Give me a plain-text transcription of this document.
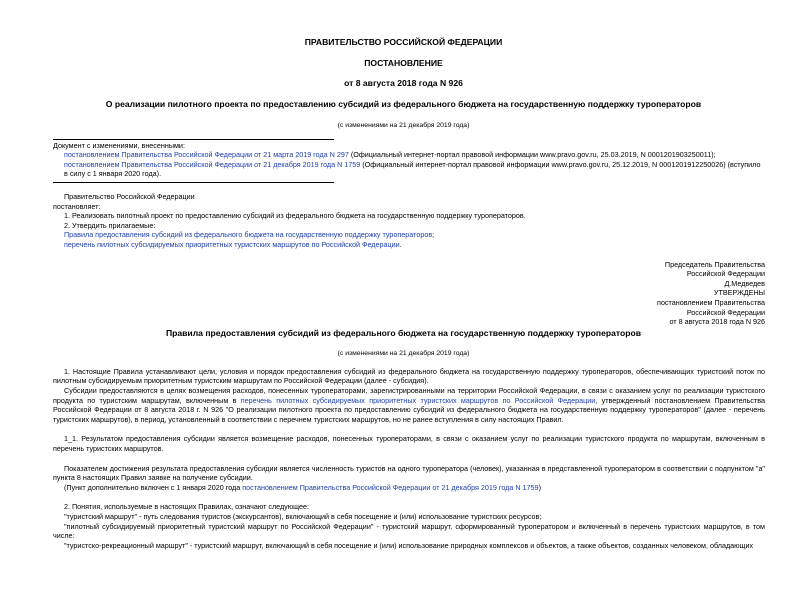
ПРАВИТЕЛЬСТВО РОССИЙСКОЙ ФЕДЕРАЦИИ
ПОСТАНОВЛЕНИЕ
от 8 августа 2018 года N 926
О реализации пилотного проекта по предоставлению субсидий из федерального бюджета на государственную поддержку туроператоров
(с изменениями на 21 декабря 2019 года)

Документ с изменениями, внесенными:

постановлением Правительства Российской Федерации от 21 марта 2019 года N 297 (Официальный интернет-портал правовой информации www.pravo.gov.ru, 25.03.2019, N 0001201903250011);

постановлением Правительства Российской Федерации от 21 декабря 2019 года N 1759 (Официальный интернет-портал правовой информации www.pravo.gov.ru, 25.12.2019, N 0001201912250026) (вступило в силу с 1 января 2020 года).

Правительство Российской Федерации

постановляет:

1. Реализовать пилотный проект по предоставлению субсидий из федерального бюджета на государственную поддержку туроператоров.

2. Утвердить прилагаемые:

Правила предоставления субсидий из федерального бюджета на государственную поддержку туроператоров;

перечень пилотных субсидируемых приоритетных туристских маршрутов по Российской Федерации.

Председатель Правительства

Российской Федерации

Д.Медведев

УТВЕРЖДЕНЫ

постановлением Правительства

Российской Федерации

от 8 августа 2018 года N 926

Правила предоставления субсидий из федерального бюджета на государственную поддержку туроператоров
(с изменениями на 21 декабря 2019 года)

1. Настоящие Правила устанавливают цели, условия и порядок предоставления субсидий из федерального бюджета на государственную поддержку туроператоров, обеспечивающих туристский поток по пилотным субсидируемым приоритетным туристским маршрутам по Российской Федерации (далее - субсидия).

Субсидии предоставляются в целях возмещения расходов, понесенных туроператорами, зарегистрированными на территории Российской Федерации, в связи с оказанием услуг по реализации туристского продукта по туристским маршрутам, включенным в перечень пилотных субсидируемых приоритетных туристских маршрутов по Российской Федерации, утвержденный постановлением Правительства Российской Федерации от 8 августа 2018 г. N 926 "О реализации пилотного проекта по предоставлению субсидий из федерального бюджета на государственную поддержку туроператоров" (далее - перечень туристских маршрутов), в период, установленный в соответствии с перечнем туристских маршрутов, но не ранее вступления в силу настоящих Правил.

1_1. Результатом предоставления субсидии является возмещение расходов, понесенных туроператорами, в связи с оказанием услуг по реализации туристского продукта по маршрутам, включенным в перечень туристских маршрутов.

Показателем достижения результата предоставления субсидии является численность туристов на одного туроператора (человек), указанная в представленной туроператором в соответствии с подпунктом "а" пункта 8 настоящих Правил заявке на получение субсидии.

(Пункт дополнительно включен с 1 января 2020 года постановлением Правительства Российской Федерации от 21 декабря 2019 года N 1759)

2. Понятия, используемые в настоящих Правилах, означают следующее:

"туристский маршрут" - путь следования туристов (экскурсантов), включающий в себя посещение и (или) использование туристских ресурсов;

"пилотный субсидируемый приоритетный туристский маршрут по Российской Федерации" - туристский маршрут, сформированный туроператором и включенный в перечень туристских маршрутов, в том числе:

"туристско-рекреационный маршрут" - туристский маршрут, включающий в себя посещение и (или) использование природных комплексов и объектов, а также объектов, созданных человеком, обладающих
